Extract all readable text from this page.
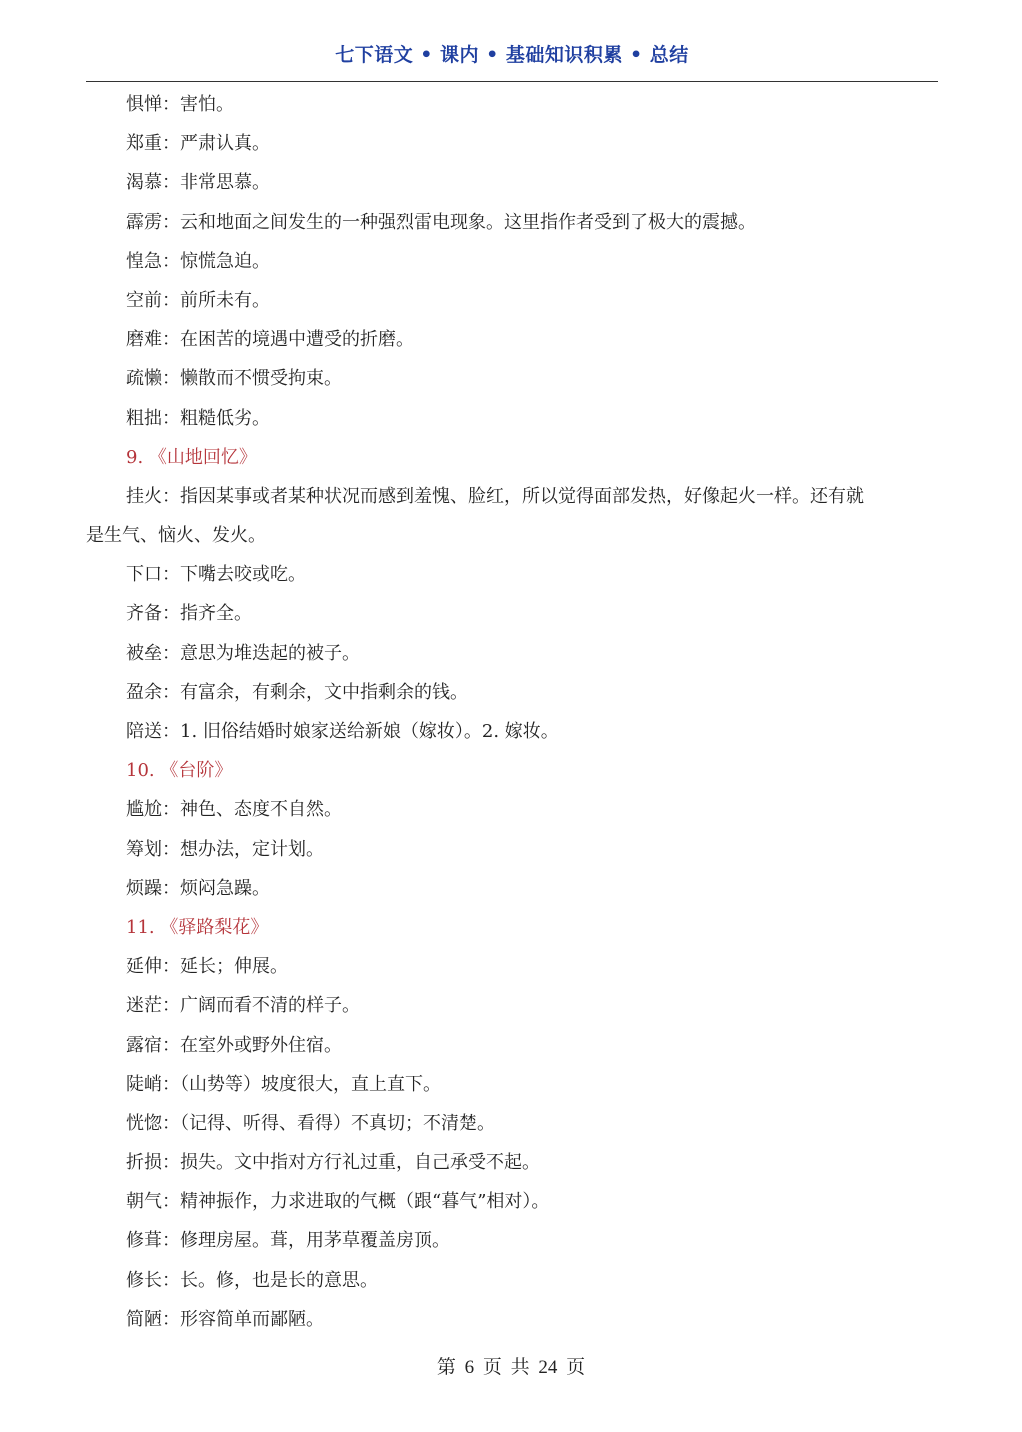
七下语文 • 课内 • 基础知识积累 • 总结
惧惮：害怕。
郑重：严肃认真。
渴慕：非常思慕。
霹雳：云和地面之间发生的一种强烈雷电现象。这里指作者受到了极大的震撼。
惶急：惊慌急迫。
空前：前所未有。
磨难：在困苦的境遇中遭受的折磨。
疏懒：懒散而不惯受拘束。
粗拙：粗糙低劣。
9. 《山地回忆》
挂火：指因某事或者某种状况而感到羞愧、脸红，所以觉得面部发热，好像起火一样。还有就
是生气、恼火、发火。
下口：下嘴去咬或吃。
齐备：指齐全。
被垒：意思为堆迭起的被子。
盈余：有富余，有剩余，文中指剩余的钱。
陪送：1. 旧俗结婚时娘家送给新娘（嫁妆）。2. 嫁妆。
10. 《台阶》
尴尬：神色、态度不自然。
筹划：想办法，定计划。
烦躁：烦闷急躁。
11. 《驿路梨花》
延伸：延长；伸展。
迷茫：广阔而看不清的样子。
露宿：在室外或野外住宿。
陡峭：（山势等）坡度很大，直上直下。
恍惚：（记得、听得、看得）不真切；不清楚。
折损：损失。文中指对方行礼过重，自己承受不起。
朝气：精神振作，力求进取的气概（跟“暮气”相对）。
修葺：修理房屋。葺，用茅草覆盖房顶。
修长：长。修，也是长的意思。
简陋：形容简单而鄙陋。
第 6 页 共 24 页
